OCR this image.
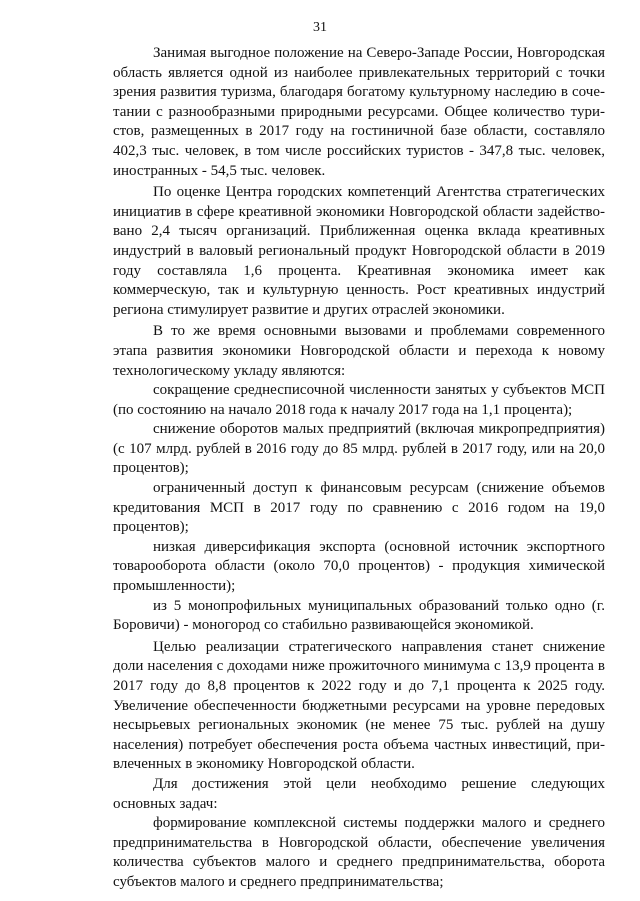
31

Занимая выгодное положение на Северо-Западе России, Новгородская область является одной из наиболее привлекательных территорий с точки зрения развития туризма, благодаря богатому культурному наследию в сочетании с разнообразными природными ресурсами. Общее количество туристов, размещенных в 2017 году на гостиничной базе области, составляло 402,3 тыс. человек, в том числе российских туристов - 347,8 тыс. человек, иностранных - 54,5 тыс. человек.

По оценке Центра городских компетенций Агентства стратегических инициатив в сфере креативной экономики Новгородской области задействовано 2,4 тысяч организаций. Приближенная оценка вклада креативных индустрий в валовый региональный продукт Новгородской области в 2019 году составляла 1,6 процента. Креативная экономика имеет как коммерческую, так и культурную ценность. Рост креативных индустрий региона стимулирует развитие и других отраслей экономики.

В то же время основными вызовами и проблемами современного этапа развития экономики Новгородской области и перехода к новому технологическому укладу являются:

сокращение среднесписочной численности занятых у субъектов МСП (по состоянию на начало 2018 года к началу 2017 года на 1,1 процента);

снижение оборотов малых предприятий (включая микропредприятия) (с 107 млрд. рублей в 2016 году до 85 млрд. рублей в 2017 году, или на 20,0 процентов);

ограниченный доступ к финансовым ресурсам (снижение объемов кредитования МСП в 2017 году по сравнению с 2016 годом на 19,0 процентов);

низкая диверсификация экспорта (основной источник экспортного товарооборота области (около 70,0 процентов) - продукция химической промышленности);

из 5 монопрофильных муниципальных образований только одно (г. Боровичи) - моногород со стабильно развивающейся экономикой.

Целью реализации стратегического направления станет снижение доли населения с доходами ниже прожиточного минимума с 13,9 процента в 2017 году до 8,8 процентов к 2022 году и до 7,1 процента к 2025 году. Увеличение обеспеченности бюджетными ресурсами на уровне передовых несырьевых региональных экономик (не менее 75 тыс. рублей на душу населения) потребует обеспечения роста объема частных инвестиций, привлеченных в экономику Новгородской области.

Для достижения этой цели необходимо решение следующих основных задач:

формирование комплексной системы поддержки малого и среднего предпринимательства в Новгородской области, обеспечение увеличения количества субъектов малого и среднего предпринимательства, оборота субъектов малого и среднего предпринимательства;
